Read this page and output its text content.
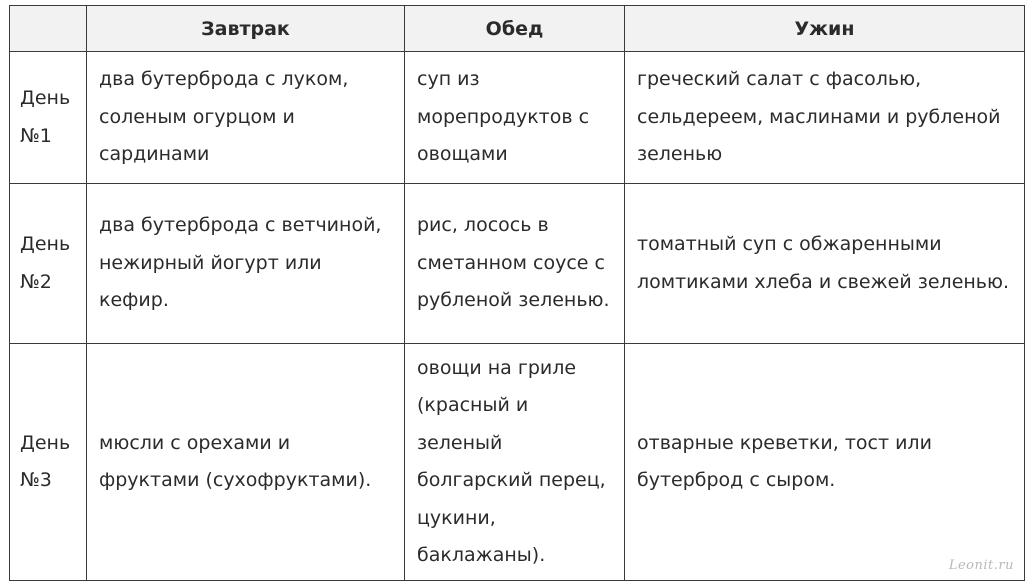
	Завтрак	Обед	Ужин
День №1	два бутерброда с луком, соленым огурцом и сардинами	суп из морепродуктов с овощами	греческий салат с фасолью, сельдереем, маслинами и рубленой зеленью
День №2	два бутерброда с ветчиной, нежирный йогурт или кефир.	рис, лосось в сметанном соусе с рубленой зеленью.	томатный суп с обжаренными ломтиками хлеба и свежей зеленью.
День №3	мюсли с орехами и фруктами (сухофруктами).	овощи на гриле (красный и зеленый болгарский перец, цукини, баклажаны).	отварные креветки, тост или бутерброд с сыром.
Leonit.ru
